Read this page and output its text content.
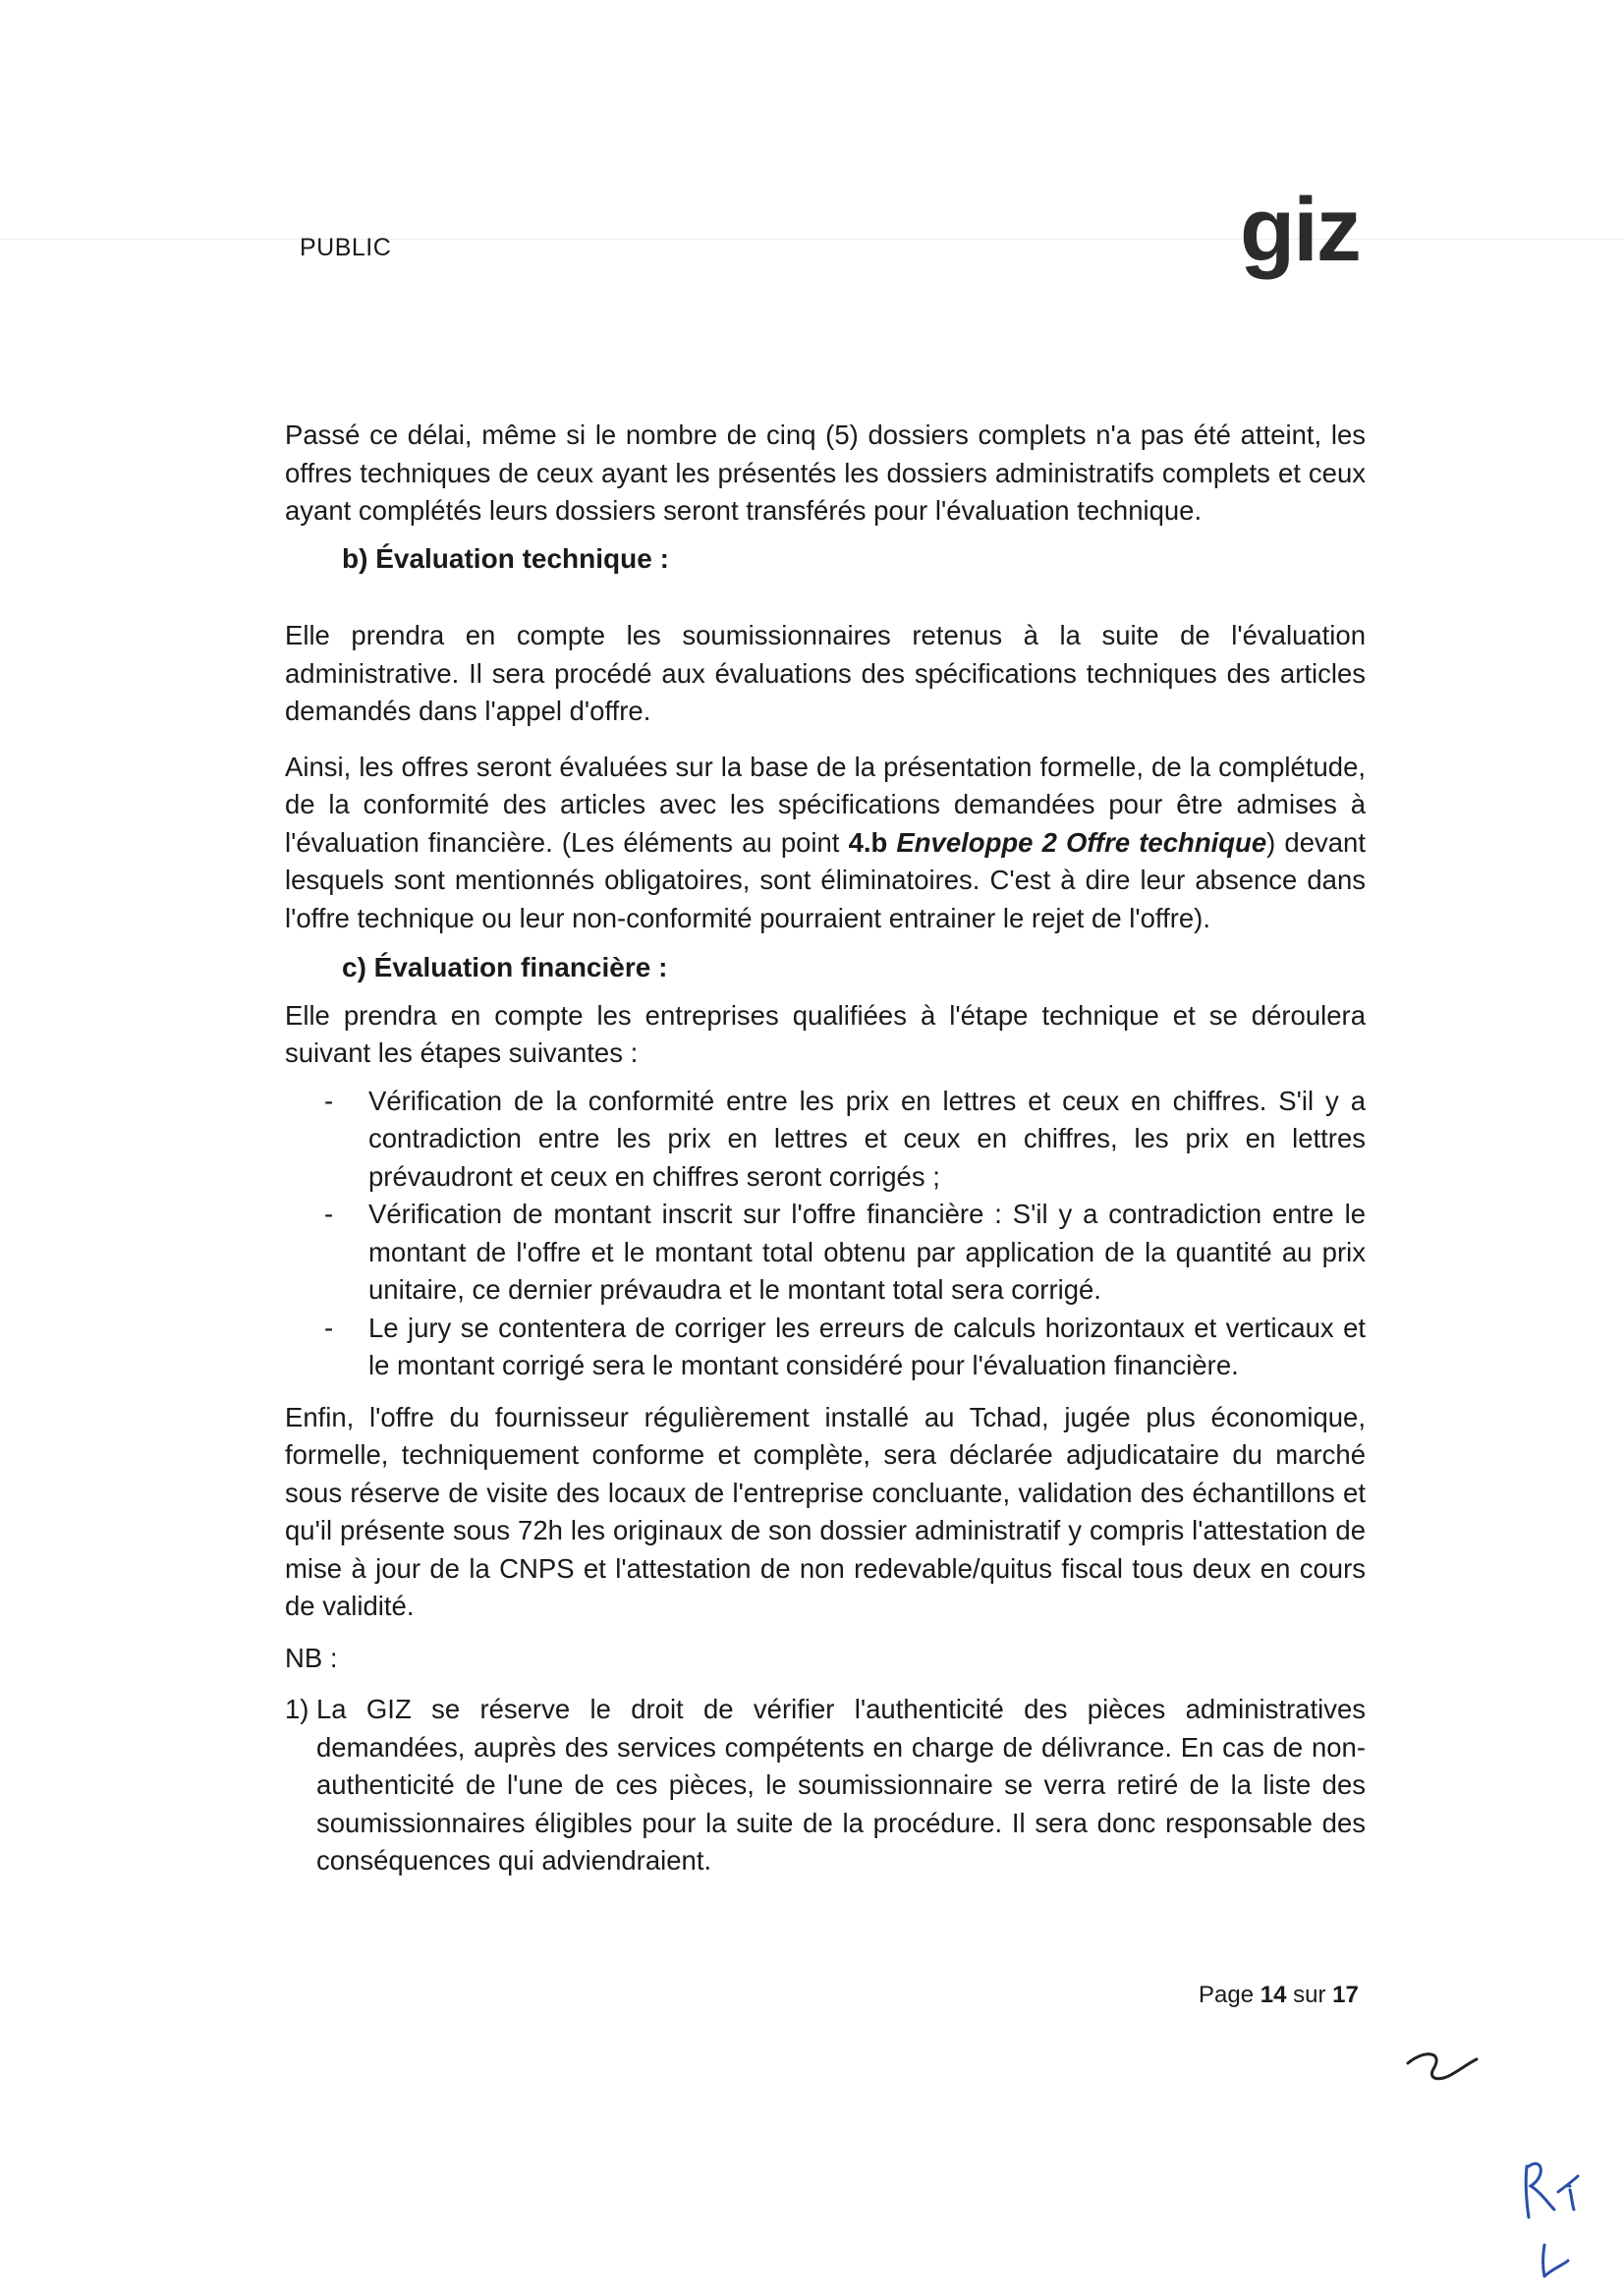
PUBLIC	giz

Passé ce délai, même si le nombre de cinq (5) dossiers complets n'a pas été atteint, les offres techniques de ceux ayant les présentés les dossiers administratifs complets et ceux ayant complétés leurs dossiers seront transférés pour l'évaluation technique.

b) Évaluation technique :

Elle prendra en compte les soumissionnaires retenus à la suite de l'évaluation administrative. Il sera procédé aux évaluations des spécifications techniques des articles demandés dans l'appel d'offre.

Ainsi, les offres seront évaluées sur la base de la présentation formelle, de la complétude, de la conformité des articles avec les spécifications demandées pour être admises à l'évaluation financière. (Les éléments au point 4.b Enveloppe 2 Offre technique) devant lesquels sont mentionnés obligatoires, sont éliminatoires. C'est à dire leur absence dans l'offre technique ou leur non-conformité pourraient entrainer le rejet de l'offre).

c) Évaluation financière :

Elle prendra en compte les entreprises qualifiées à l'étape technique et se déroulera suivant les étapes suivantes :

- Vérification de la conformité entre les prix en lettres et ceux en chiffres. S'il y a contradiction entre les prix en lettres et ceux en chiffres, les prix en lettres prévaudront et ceux en chiffres seront corrigés ;
- Vérification de montant inscrit sur l'offre financière : S'il y a contradiction entre le montant de l'offre et le montant total obtenu par application de la quantité au prix unitaire, ce dernier prévaudra et le montant total sera corrigé.
- Le jury se contentera de corriger les erreurs de calculs horizontaux et verticaux et le montant corrigé sera le montant considéré pour l'évaluation financière.

Enfin, l'offre du fournisseur régulièrement installé au Tchad, jugée plus économique, formelle, techniquement conforme et complète, sera déclarée adjudicataire du marché sous réserve de visite des locaux de l'entreprise concluante, validation des échantillons et qu'il présente sous 72h les originaux de son dossier administratif y compris l'attestation de mise à jour de la CNPS et l'attestation de non redevable/quitus fiscal tous deux en cours de validité.

NB :

1) La GIZ se réserve le droit de vérifier l'authenticité des pièces administratives demandées, auprès des services compétents en charge de délivrance. En cas de non-authenticité de l'une de ces pièces, le soumissionnaire se verra retiré de la liste des soumissionnaires éligibles pour la suite de la procédure. Il sera donc responsable des conséquences qui adviendraient.

Page 14 sur 17
